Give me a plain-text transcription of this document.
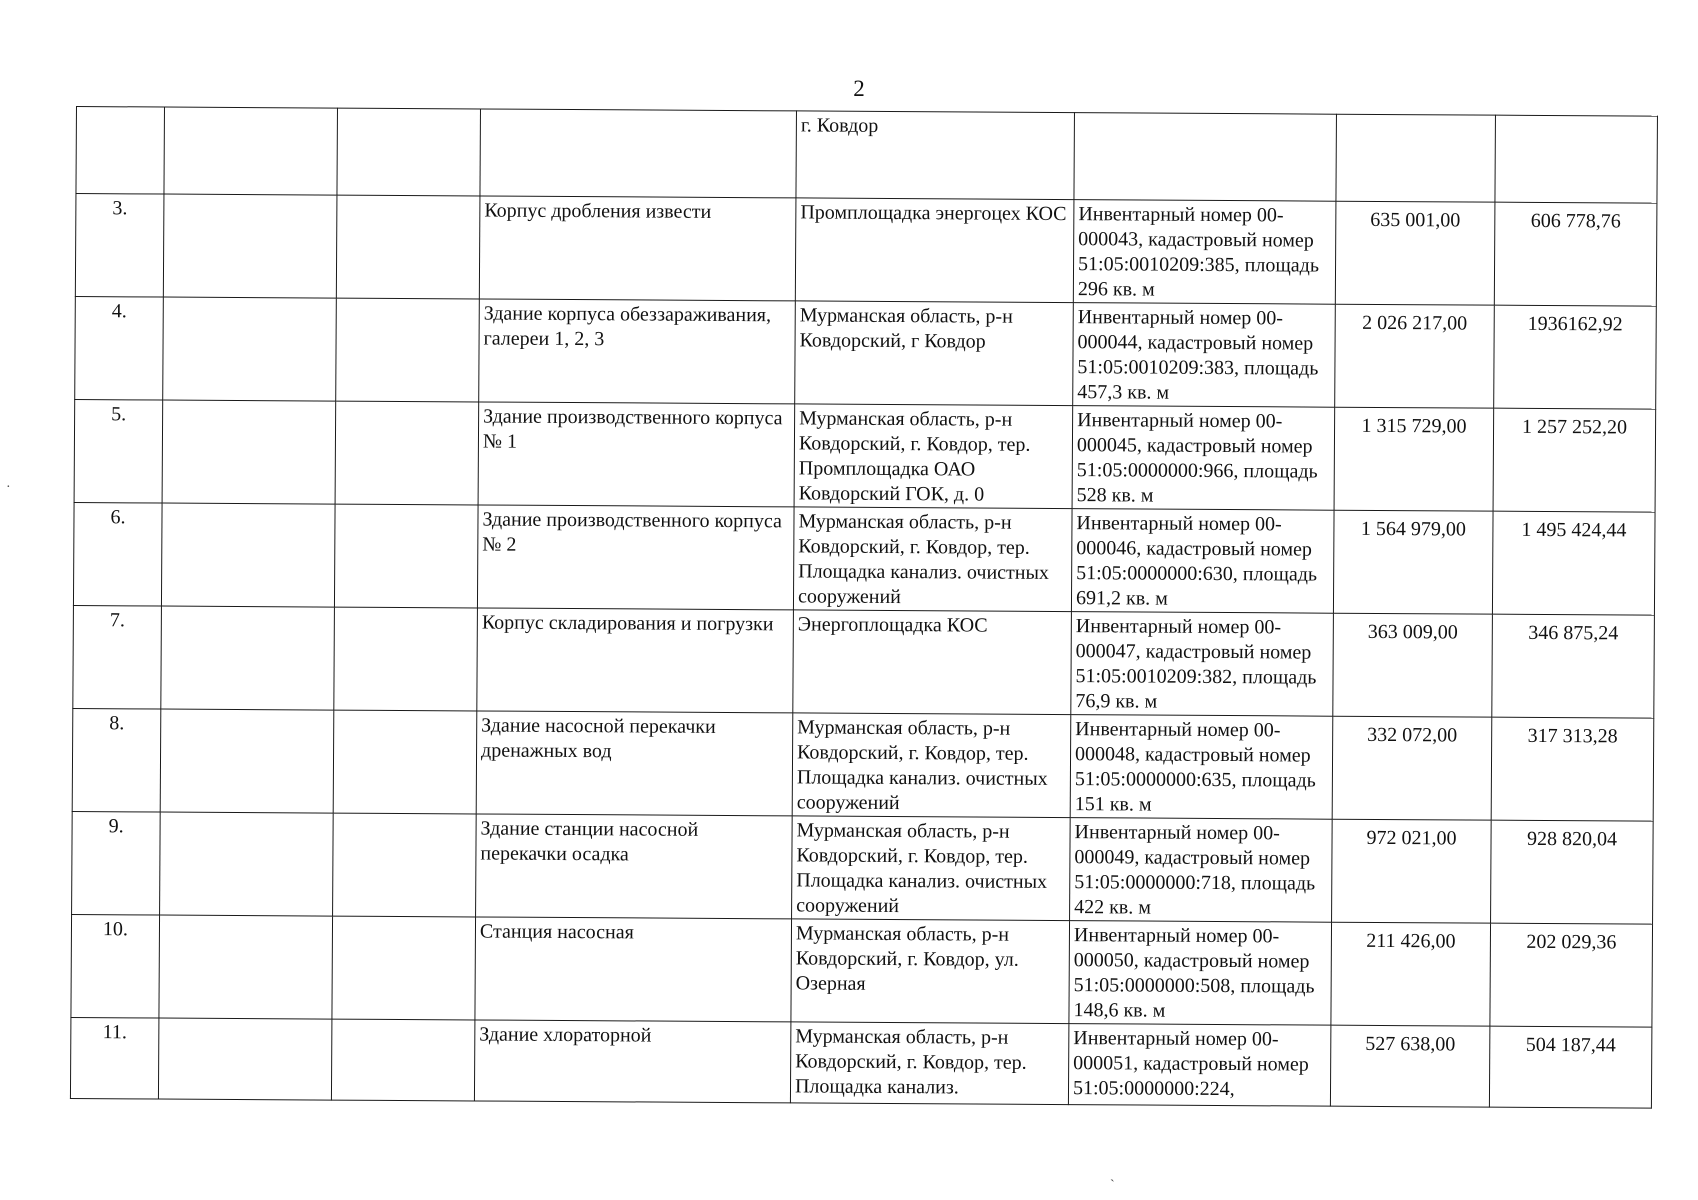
2
				г. Ковдор			
3.			Корпус дробления извести	Промплощадка энергоцех КОС	Инвентарный номер 00-000043, кадастровый номер 51:05:0010209:385, площадь 296 кв. м	635 001,00	606 778,76
4.			Здание корпуса обеззараживания, галереи 1, 2, 3	Мурманская область, р-н Ковдорский, г Ковдор	Инвентарный номер 00-000044, кадастровый номер 51:05:0010209:383, площадь 457,3 кв. м	2 026 217,00	1936162,92
5.			Здание производственного корпуса № 1	Мурманская область, р-н Ковдорский, г. Ковдор, тер. Промплощадка ОАО Ковдорский ГОК, д. 0	Инвентарный номер 00-000045, кадастровый номер 51:05:0000000:966, площадь 528 кв. м	1 315 729,00	1 257 252,20
6.			Здание производственного корпуса № 2	Мурманская область, р-н Ковдорский, г. Ковдор, тер. Площадка канализ. очистных сооружений	Инвентарный номер 00-000046, кадастровый номер 51:05:0000000:630, площадь 691,2 кв. м	1 564 979,00	1 495 424,44
7.			Корпус складирования и погрузки	Энергоплощадка КОС	Инвентарный номер 00-000047, кадастровый номер 51:05:0010209:382, площадь 76,9 кв. м	363 009,00	346 875,24
8.			Здание насосной перекачки дренажных вод	Мурманская область, р-н Ковдорский, г. Ковдор, тер. Площадка канализ. очистных сооружений	Инвентарный номер 00-000048, кадастровый номер 51:05:0000000:635, площадь 151 кв. м	332 072,00	317 313,28
9.			Здание станции насосной перекачки осадка	Мурманская область, р-н Ковдорский, г. Ковдор, тер. Площадка канализ. очистных сооружений	Инвентарный номер 00-000049, кадастровый номер 51:05:0000000:718, площадь 422 кв. м	972 021,00	928 820,04
10.			Станция насосная	Мурманская область, р-н Ковдорский, г. Ковдор, ул. Озерная	Инвентарный номер 00-000050, кадастровый номер 51:05:0000000:508, площадь 148,6 кв. м	211 426,00	202 029,36
11.			Здание хлораторной	Мурманская область, р-н Ковдорский, г. Ковдор, тер. Площадка канализ.	Инвентарный номер 00-000051, кадастровый номер 51:05:0000000:224,	527 638,00	504 187,44
·
`
